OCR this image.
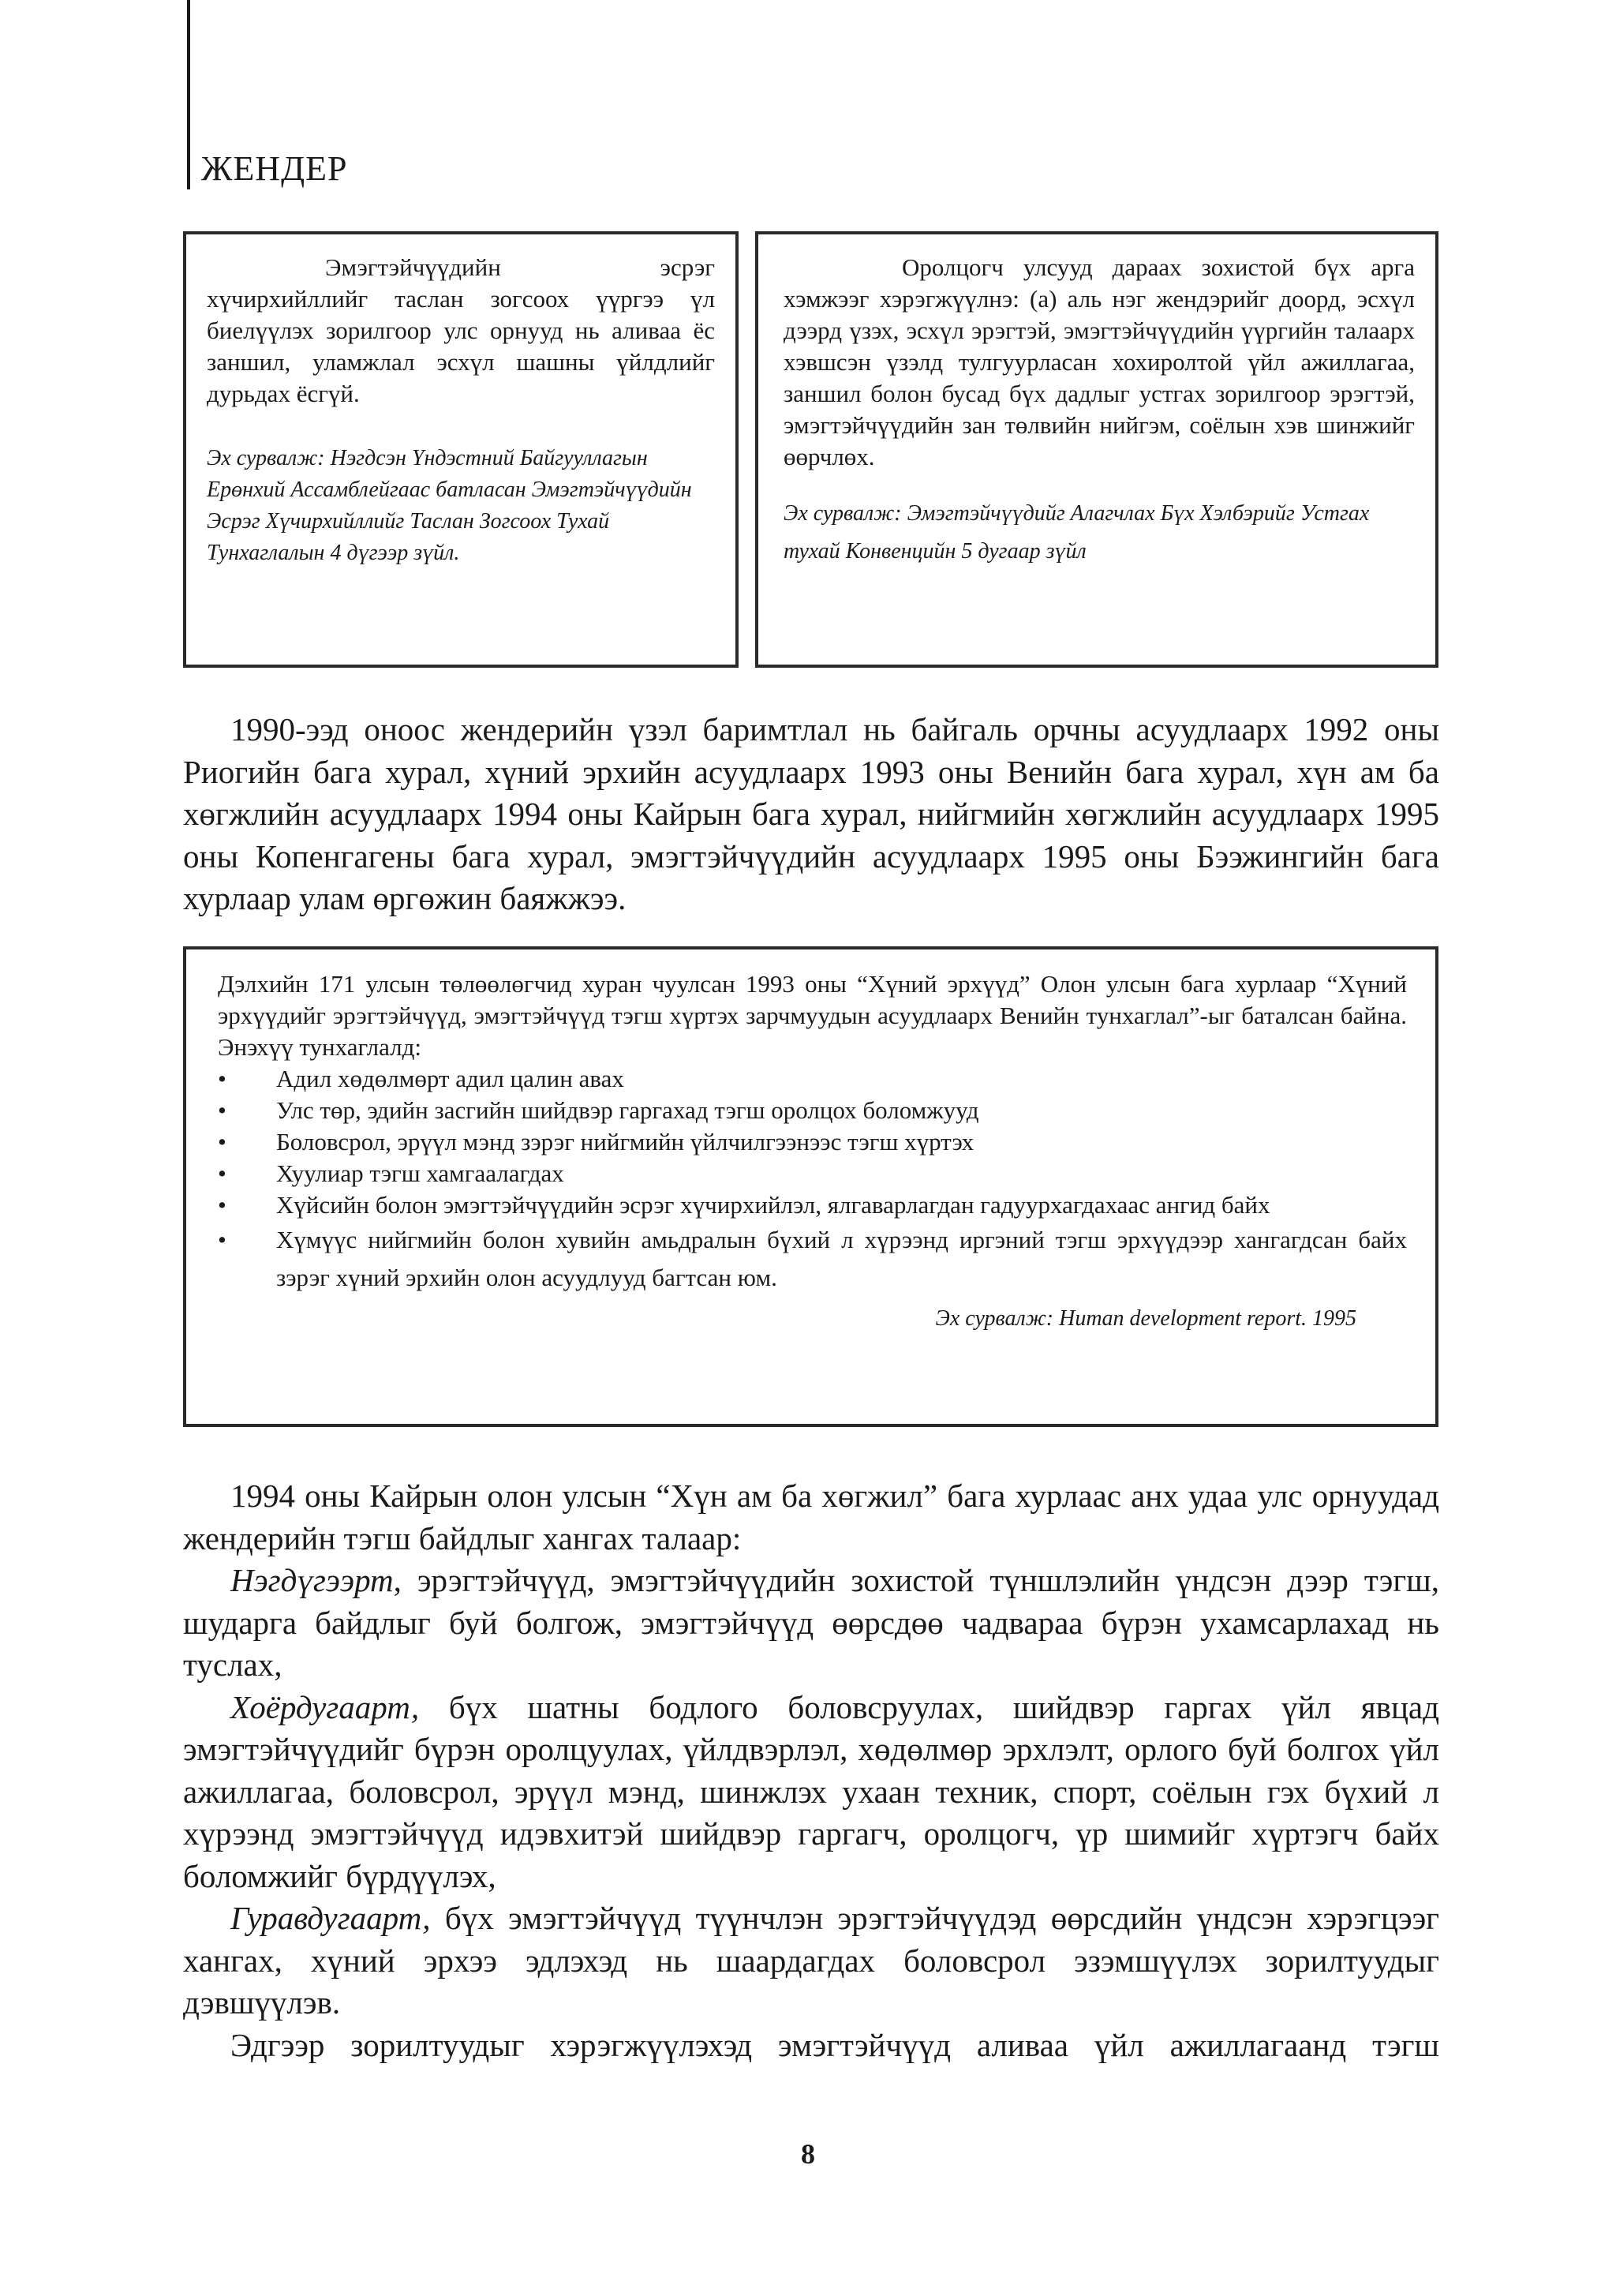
ЖЕНДЕР

Эмэгтэйчүүдийн эсрэг хүчирхийллийг таслан зогсоох үүргээ үл биелүүлэх зорилгоор улс орнууд нь аливаа ёс заншил, уламжлал эсхүл шашны үйлдлийг дурьдах ёсгүй.

Эх сурвалж: Нэгдсэн Үндэстний Байгууллагын Ерөнхий Ассамблейгаас батласан Эмэгтэйчүүдийн Эсрэг Хүчирхийллийг Таслан Зогсоох Тухай Тунхаглалын 4 дүгээр зүйл.

Оролцогч улсууд дараах зохистой бүх арга хэмжээг хэрэгжүүлнэ: (а) аль нэг жендэрийг доорд, эсхүл дээрд үзэх, эсхүл эрэгтэй, эмэгтэйчүүдийн үүргийн талаарх хэвшсэн үзэлд тулгуурласан хохиролтой үйл ажиллагаа, заншил болон бусад бүх дадлыг устгах зорилгоор эрэгтэй, эмэгтэйчүүдийн зан төлвийн нийгэм, соёлын хэв шинжийг өөрчлөх.

Эх сурвалж: Эмэгтэйчүүдийг Алагчлах Бүх Хэлбэрийг Устгах тухай Конвенцийн 5 дугаар зүйл

1990-ээд оноос жендерийн үзэл баримтлал нь байгаль орчны асуудлаарх 1992 оны Риогийн бага хурал, хүний эрхийн асуудлаарх 1993 оны Венийн бага хурал, хүн ам ба хөгжлийн асуудлаарх 1994 оны Кайрын бага хурал, нийгмийн хөгжлийн асуудлаарх 1995 оны Копенгагены бага хурал, эмэгтэйчүүдийн асуудлаарх 1995 оны Бээжингийн бага хурлаар улам өргөжин баяжжээ.

Дэлхийн 171 улсын төлөөлөгчид хуран чуулсан 1993 оны “Хүний эрхүүд” Олон улсын бага хурлаар “Хүний эрхүүдийг эрэгтэйчүүд, эмэгтэйчүүд тэгш хүртэх зарчмуудын асуудлаарх Венийн тунхаглал”-ыг баталсан байна. Энэхүү тунхаглалд:

• Адил хөдөлмөрт адил цалин авах
• Улс төр, эдийн засгийн шийдвэр гаргахад тэгш оролцох боломжууд
• Боловсрол, эрүүл мэнд зэрэг нийгмийн үйлчилгээнээс тэгш хүртэх
• Хуулиар тэгш хамгаалагдах
• Хүйсийн болон эмэгтэйчүүдийн эсрэг хүчирхийлэл, ялгаварлагдан гадуурхагдахаас ангид байх
• Хүмүүс нийгмийн болон хувийн амьдралын бүхий л хүрээнд иргэний тэгш эрхүүдээр хангагдсан байх зэрэг хүний эрхийн олон асуудлууд багтсан юм.

Эх сурвалж: Human development report. 1995

1994 оны Кайрын олон улсын “Хүн ам ба хөгжил” бага хурлаас анх удаа улс орнуудад жендерийн тэгш байдлыг хангах талаар:

Нэгдүгээрт, эрэгтэйчүүд, эмэгтэйчүүдийн зохистой түншлэлийн үндсэн дээр тэгш, шударга байдлыг буй болгож, эмэгтэйчүүд өөрсдөө чадвараа бүрэн ухамсарлахад нь туслах,

Хоёрдугаарт, бүх шатны бодлого боловсруулах, шийдвэр гаргах үйл явцад эмэгтэйчүүдийг бүрэн оролцуулах, үйлдвэрлэл, хөдөлмөр эрхлэлт, орлого буй болгох үйл ажиллагаа, боловсрол, эрүүл мэнд, шинжлэх ухаан техник, спорт, соёлын гэх бүхий л хүрээнд эмэгтэйчүүд идэвхитэй шийдвэр гаргагч, оролцогч, үр шимийг хүртэгч байх боломжийг бүрдүүлэх,

Гуравдугаарт, бүх эмэгтэйчүүд түүнчлэн эрэгтэйчүүдэд өөрсдийн үндсэн хэрэгцээг хангах, хүний эрхээ эдлэхэд нь шаардагдах боловсрол эзэмшүүлэх зорилтуудыг дэвшүүлэв.

Эдгээр зорилтуудыг хэрэгжүүлэхэд эмэгтэйчүүд аливаа үйл ажиллагаанд тэгш

8
